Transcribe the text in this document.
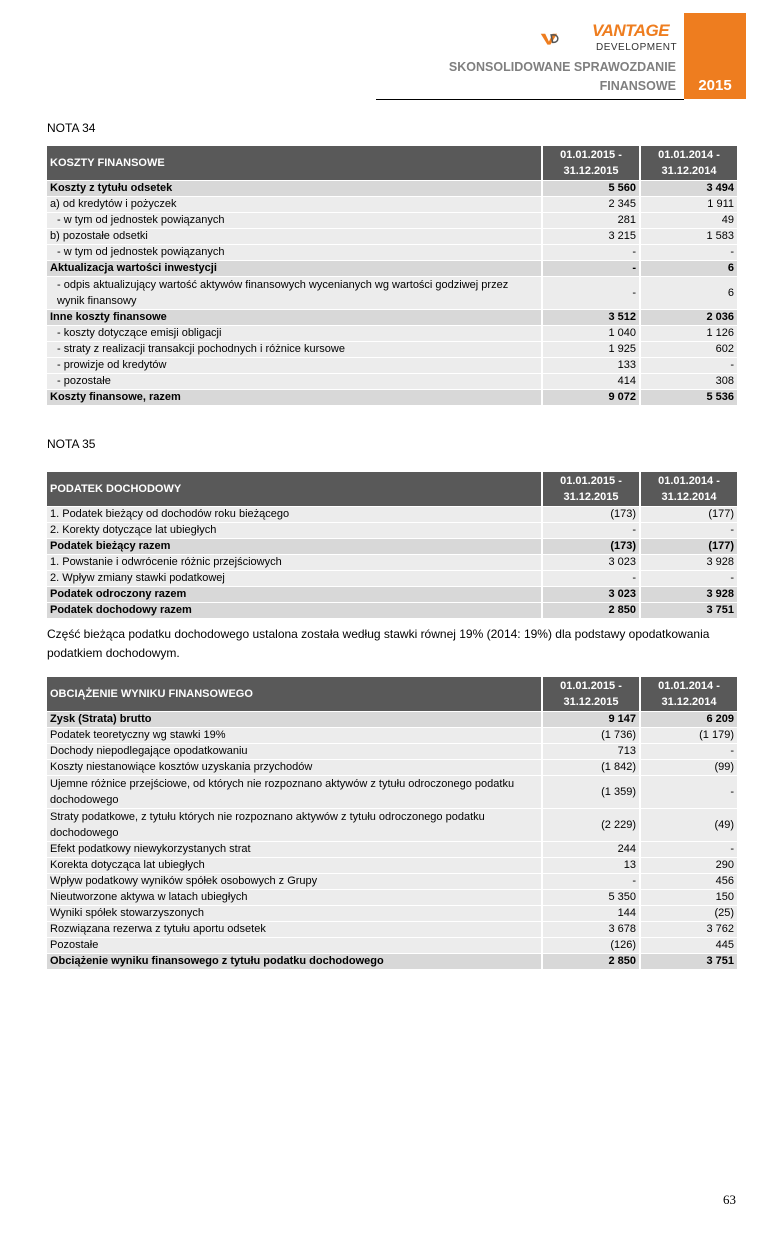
2015
VANTAGE
DEVELOPMENT
SKONSOLIDOWANE SPRAWOZDANIE
FINANSOWE
NOTA 34
KOSZTY FINANSOWE	01.01.2015 - 31.12.2015	01.01.2014 - 31.12.2014
Koszty z tytułu odsetek	5 560	3 494
a) od kredytów i pożyczek	2 345	1 911
- w tym od jednostek powiązanych	281	49
b) pozostałe odsetki	3 215	1 583
- w tym od jednostek powiązanych	-	-
Aktualizacja wartości inwestycji	-	6
- odpis aktualizujący wartość aktywów finansowych wycenianych wg wartości godziwej przez wynik finansowy	-	6
Inne koszty finansowe	3 512	2 036
- koszty dotyczące emisji obligacji	1 040	1 126
- straty z realizacji transakcji pochodnych i różnice kursowe	1 925	602
- prowizje od kredytów	133	-
- pozostałe	414	308
Koszty finansowe, razem	9 072	5 536
NOTA 35
PODATEK DOCHODOWY	01.01.2015 - 31.12.2015	01.01.2014 - 31.12.2014
1. Podatek bieżący od dochodów roku bieżącego	(173)	(177)
2. Korekty dotyczące lat ubiegłych	-	-
Podatek bieżący razem	(173)	(177)
1. Powstanie i odwrócenie różnic przejściowych	3 023	3 928
2. Wpływ zmiany stawki podatkowej	-	-
Podatek odroczony razem	3 023	3 928
Podatek dochodowy razem	2 850	3 751
Część bieżąca podatku dochodowego ustalona została według stawki równej 19% (2014: 19%) dla podstawy opodatkowania podatkiem dochodowym.
OBCIĄŻENIE WYNIKU FINANSOWEGO	01.01.2015 - 31.12.2015	01.01.2014 - 31.12.2014
Zysk (Strata) brutto	9 147	6 209
Podatek teoretyczny wg stawki 19%	(1 736)	(1 179)
Dochody niepodlegające opodatkowaniu	713	-
Koszty niestanowiące kosztów uzyskania przychodów	(1 842)	(99)
Ujemne różnice przejściowe, od których nie rozpoznano aktywów z tytułu odroczonego podatku dochodowego	(1 359)	-
Straty podatkowe, z tytułu których nie rozpoznano aktywów z tytułu odroczonego podatku dochodowego	(2 229)	(49)
Efekt podatkowy niewykorzystanych strat	244	-
Korekta dotycząca lat ubiegłych	13	290
Wpływ podatkowy wyników spółek osobowych z Grupy	-	456
Nieutworzone aktywa w latach ubiegłych	5 350	150
Wyniki spółek stowarzyszonych	144	(25)
Rozwiązana rezerwa z tytułu aportu odsetek	3 678	3 762
Pozostałe	(126)	445
Obciążenie wyniku finansowego z tytułu podatku dochodowego	2 850	3 751
63
